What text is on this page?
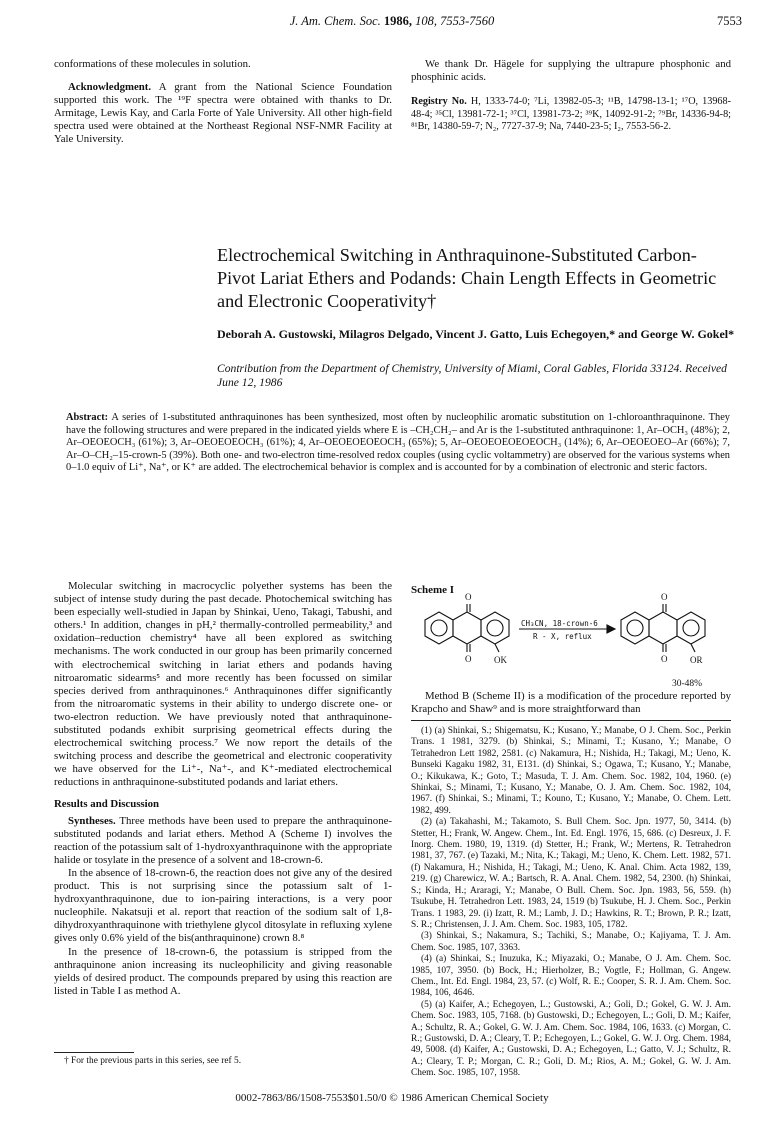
J. Am. Chem. Soc. 1986, 108, 7553-7560	7553

conformations of these molecules in solution.

Acknowledgment. A grant from the National Science Foundation supported this work. The ¹⁹F spectra were obtained with thanks to Dr. Armitage, Lewis Kay, and Carla Forte of Yale University. All other high-field spectra used were obtained at the Northeast Regional NSF-NMR Facility at Yale University.

We thank Dr. Hägele for supplying the ultrapure phosphonic and phosphinic acids.

Registry No. H, 1333-74-0; ⁷Li, 13982-05-3; ¹¹B, 14798-13-1; ¹⁷O, 13968-48-4; ³⁵Cl, 13981-72-1; ³⁷Cl, 13981-73-2; ³⁹K, 14092-91-2; ⁷⁹Br, 14336-94-8; ⁸¹Br, 14380-59-7; N₂, 7727-37-9; Na, 7440-23-5; I₂, 7553-56-2.

Electrochemical Switching in Anthraquinone-Substituted Carbon-Pivot Lariat Ethers and Podands: Chain Length Effects in Geometric and Electronic Cooperativity†
Deborah A. Gustowski, Milagros Delgado, Vincent J. Gatto, Luis Echegoyen,* and George W. Gokel*
Contribution from the Department of Chemistry, University of Miami, Coral Gables, Florida 33124. Received June 12, 1986
Abstract: A series of 1-substituted anthraquinones has been synthesized, most often by nucleophilic aromatic substitution on 1-chloroanthraquinone. They have the following structures and were prepared in the indicated yields where E is –CH₂CH₂– and Ar is the 1-substituted anthraquinone: 1, Ar–OCH₃ (48%); 2, Ar–OEOEOCH₃ (61%); 3, Ar–OEOEOEOCH₃ (61%); 4, Ar–OEOEOEOEOCH₃ (65%); 5, Ar–OEOEOEOEOEOCH₃ (14%); 6, Ar–OEOEOEO–Ar (66%); 7, Ar–O–CH₂–15-crown-5 (39%). Both one- and two-electron time-resolved redox couples (using cyclic voltammetry) are observed for the various systems when 0–1.0 equiv of Li⁺, Na⁺, or K⁺ are added. The electrochemical behavior is complex and is accounted for by a combination of electronic and steric factors.

Molecular switching in macrocyclic polyether systems has been the subject of intense study during the past decade. Photochemical switching has been especially well-studied in Japan by Shinkai, Ueno, Takagi, Tabushi, and others.¹ In addition, changes in pH,² thermally-controlled permeability,³ and oxidation–reduction chemistry⁴ have all been explored as switching mechanisms. The work conducted in our group has been primarily concerned with electrochemical switching in lariat ethers and podands having nitroaromatic sidearms⁵ and more recently has been focussed on similar species derived from anthraquinones.⁶ Anthraquinones differ significantly from the nitroaromatic systems in their ability to undergo discrete one- or two-electron reduction. We have previously noted that anthraquinone-substituted podands exhibit surprising geometrical effects during the electrochemical switching process.⁷ We now report the details of the switching process and describe the geometrical and electronic cooperativity we have observed for the Li⁺-, Na⁺-, and K⁺-mediated electrochemical reductions in anthraquinone-substituted podands and lariat ethers.

Results and Discussion

Syntheses. Three methods have been used to prepare the anthraquinone-substituted podands and lariat ethers. Method A (Scheme I) involves the reaction of the potassium salt of 1-hydroxyanthraquinone with the appropriate halide or tosylate in the presence of a solvent and 18-crown-6.

In the absence of 18-crown-6, the reaction does not give any of the desired product. This is not surprising since the potassium salt of 1-hydroxyanthraquinone, due to ion-pairing interactions, is a very poor nucleophile. Nakatsuji et al. report that reaction of the sodium salt of 1,8-dihydroxyanthraquinone with triethylene glycol ditosylate in refluxing xylene gives only 0.6% yield of the bis(anthraquinone) crown 8.⁸

In the presence of 18-crown-6, the potassium is stripped from the anthraquinone anion increasing its nucleophilicity and giving reasonable yields of desired product. The compounds prepared by using this reaction are listed in Table I as method A.

† For the previous parts in this series, see ref 5.
Scheme I
O
O	OK
CH₃CN, 18-crown-6
R - X, reflux
O
O	OR
30-48%

Method B (Scheme II) is a modification of the procedure reported by Krapcho and Shaw⁹ and is more straightforward than

(1) (a) Shinkai, S.; Shigematsu, K.; Kusano, Y.; Manabe, O J. Chem. Soc., Perkin Trans. 1 1981, 3279. (b) Shinkai, S.; Minami, T.; Kusano, Y.; Manabe, O Tetrahedron Lett 1982, 2581. (c) Nakamura, H.; Nishida, H.; Takagi, M.; Ueno, K. Bunseki Kagaku 1982, 31, E131. (d) Shinkai, S.; Ogawa, T.; Kusano, Y.; Manabe, O.; Kikukawa, K.; Goto, T.; Masuda, T. J. Am. Chem. Soc. 1982, 104, 1960. (e) Shinkai, S.; Minami, T.; Kusano, Y.; Manabe, O. J. Am. Chem. Soc. 1982, 104, 1967. (f) Shinkai, S.; Minami, T.; Kouno, T.; Kusano, Y.; Manabe, O. Chem. Lett. 1982, 499.

(2) (a) Takahashi, M.; Takamoto, S. Bull Chem. Soc. Jpn. 1977, 50, 3414. (b) Stetter, H.; Frank, W. Angew. Chem., Int. Ed. Engl. 1976, 15, 686. (c) Desreux, J. F. Inorg. Chem. 1980, 19, 1319. (d) Stetter, H.; Frank, W.; Mertens, R. Tetrahedron 1981, 37, 767. (e) Tazaki, M.; Nita, K.; Takagi, M.; Ueno, K. Chem. Lett. 1982, 571. (f) Nakamura, H.; Nishida, H.; Takagi, M.; Ueno, K. Anal. Chim. Acta 1982, 139, 219. (g) Charewicz, W. A.; Bartsch, R. A. Anal. Chem. 1982, 54, 2300. (h) Shinkai, S.; Kinda, H.; Araragi, Y.; Manabe, O Bull. Chem. Soc. Jpn. 1983, 56, 559. (h) Tsukube, H. Tetrahedron Lett. 1983, 24, 1519 (b) Tsukube, H. J. Chem. Soc., Perkin Trans. 1 1983, 29. (i) Izatt, R. M.; Lamb, J. D.; Hawkins, R. T.; Brown, P. R.; Izatt, S. R.; Christensen, J. J. Am. Chem. Soc. 1983, 105, 1782.

(3) Shinkai, S.; Nakamura, S.; Tachiki, S.; Manabe, O.; Kajiyama, T. J. Am. Chem. Soc. 1985, 107, 3363.

(4) (a) Shinkai, S.; Inuzuka, K.; Miyazaki, O.; Manabe, O J. Am. Chem. Soc. 1985, 107, 3950. (b) Bock, H.; Hierholzer, B.; Vogtle, F.; Hollman, G. Angew. Chem., Int. Ed. Engl. 1984, 23, 57. (c) Wolf, R. E.; Cooper, S. R. J. Am. Chem. Soc. 1984, 106, 4646.

(5) (a) Kaifer, A.; Echegoyen, L.; Gustowski, A.; Goli, D.; Gokel, G. W. J. Am. Chem. Soc. 1983, 105, 7168. (b) Gustowski, D.; Echegoyen, L.; Goli, D. M.; Kaifer, A.; Schultz, R. A.; Gokel, G. W. J. Am. Chem. Soc. 1984, 106, 1633. (c) Morgan, C. R.; Gustowski, D. A.; Cleary, T. P.; Echegoyen, L.; Gokel, G. W. J. Org. Chem. 1984, 49, 5008. (d) Kaifer, A.; Gustowski, D. A.; Echegoyen, L.; Gatto, V. J.; Schultz, R. A.; Cleary, T. P.; Morgan, C. R.; Goli, D. M.; Rios, A. M.; Gokel, G. W. J. Am. Chem. Soc. 1985, 107, 1958.

0002-7863/86/1508-7553$01.50/0 © 1986 American Chemical Society
